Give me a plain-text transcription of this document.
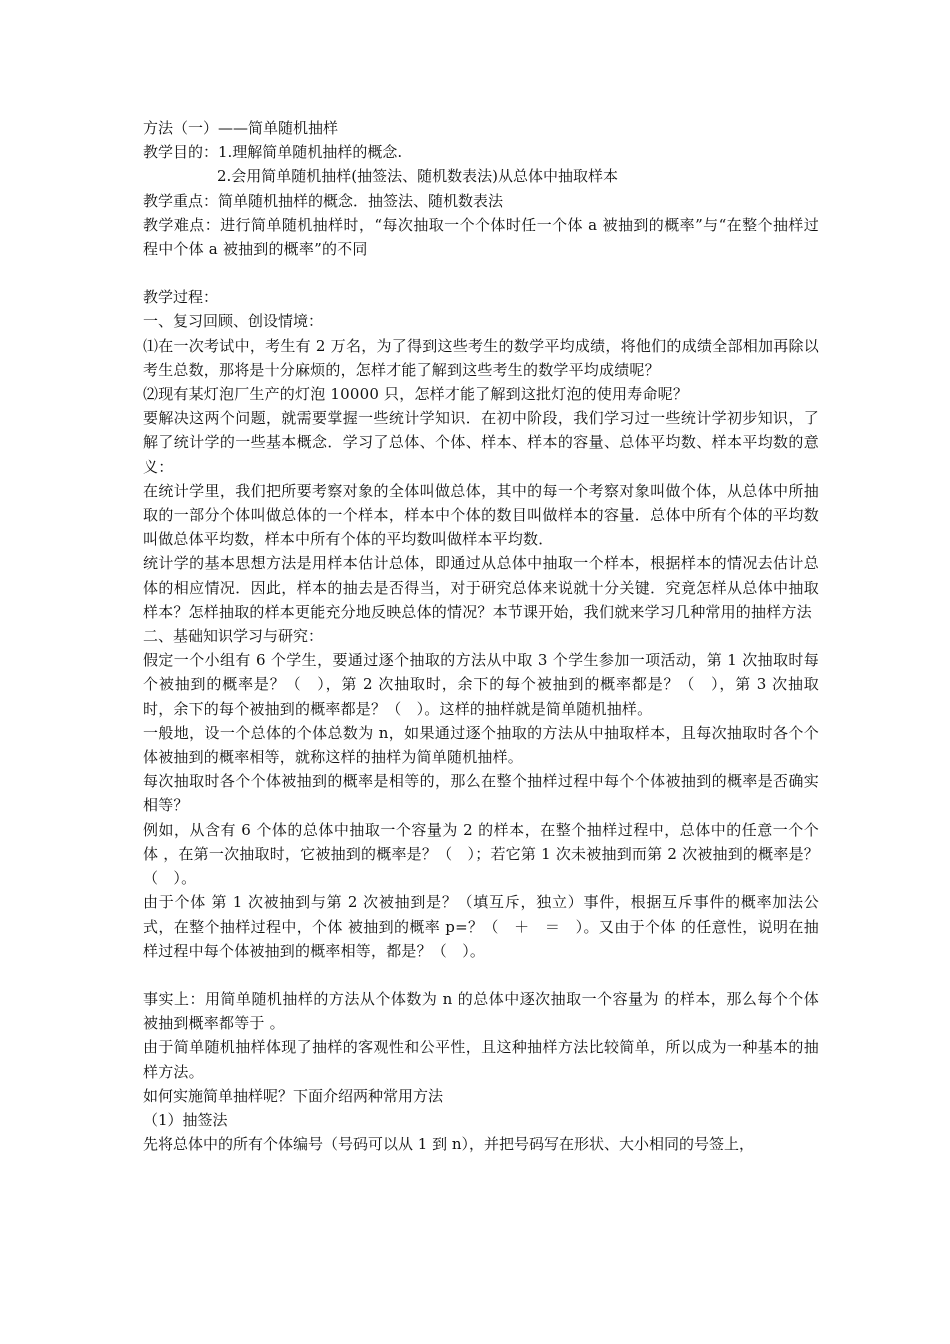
方法（一）——简单随机抽样
教学目的：1.理解简单随机抽样的概念.
2.会用简单随机抽样(抽签法、随机数表法)从总体中抽取样本
教学重点：简单随机抽样的概念．抽签法、随机数表法
教学难点：进行简单随机抽样时，“每次抽取一个个体时任一个体 a 被抽到的概率”与“在整个抽样过程中个体 a 被抽到的概率”的不同
教学过程：
一、复习回顾、创设情境：
⑴在一次考试中，考生有 2 万名，为了得到这些考生的数学平均成绩，将他们的成绩全部相加再除以考生总数，那将是十分麻烦的，怎样才能了解到这些考生的数学平均成绩呢？
⑵现有某灯泡厂生产的灯泡 10000 只，怎样才能了解到这批灯泡的使用寿命呢？
要解决这两个问题，就需要掌握一些统计学知识．在初中阶段，我们学习过一些统计学初步知识，了解了统计学的一些基本概念．学习了总体、个体、样本、样本的容量、总体平均数、样本平均数的意义：
在统计学里，我们把所要考察对象的全体叫做总体，其中的每一个考察对象叫做个体，从总体中所抽取的一部分个体叫做总体的一个样本，样本中个体的数目叫做样本的容量．总体中所有个体的平均数叫做总体平均数，样本中所有个体的平均数叫做样本平均数．
统计学的基本思想方法是用样本估计总体，即通过从总体中抽取一个样本，根据样本的情况去估计总体的相应情况．因此，样本的抽去是否得当，对于研究总体来说就十分关键．究竟怎样从总体中抽取样本？怎样抽取的样本更能充分地反映总体的情况？本节课开始，我们就来学习几种常用的抽样方法
二、基础知识学习与研究：
假定一个小组有 6 个学生，要通过逐个抽取的方法从中取 3 个学生参加一项活动，第 1 次抽取时每个被抽到的概率是？（　），第 2 次抽取时，余下的每个被抽到的概率都是？（　），第 3 次抽取时，余下的每个被抽到的概率都是？（　）。这样的抽样就是简单随机抽样。
一般地，设一个总体的个体总数为 n，如果通过逐个抽取的方法从中抽取样本，且每次抽取时各个个体被抽到的概率相等，就称这样的抽样为简单随机抽样。
每次抽取时各个个体被抽到的概率是相等的，那么在整个抽样过程中每个个体被抽到的概率是否确实相等？
例如，从含有 6 个体的总体中抽取一个容量为 2 的样本，在整个抽样过程中，总体中的任意一个个体 ，在第一次抽取时，它被抽到的概率是？（　）；若它第 1 次未被抽到而第 2 次被抽到的概率是？（　）。
由于个体 第 1 次被抽到与第 2 次被抽到是？（填互斥，独立）事件，根据互斥事件的概率加法公式，在整个抽样过程中，个体 被抽到的概率 p=？（　＋　＝　）。又由于个体 的任意性，说明在抽样过程中每个体被抽到的概率相等，都是？（　）。
事实上：用简单随机抽样的方法从个体数为 n 的总体中逐次抽取一个容量为 的样本，那么每个个体被抽到概率都等于 。
由于简单随机抽样体现了抽样的客观性和公平性，且这种抽样方法比较简单，所以成为一种基本的抽样方法。
如何实施简单抽样呢？下面介绍两种常用方法
（1）抽签法
先将总体中的所有个体编号（号码可以从 1 到 n），并把号码写在形状、大小相同的号签上，
